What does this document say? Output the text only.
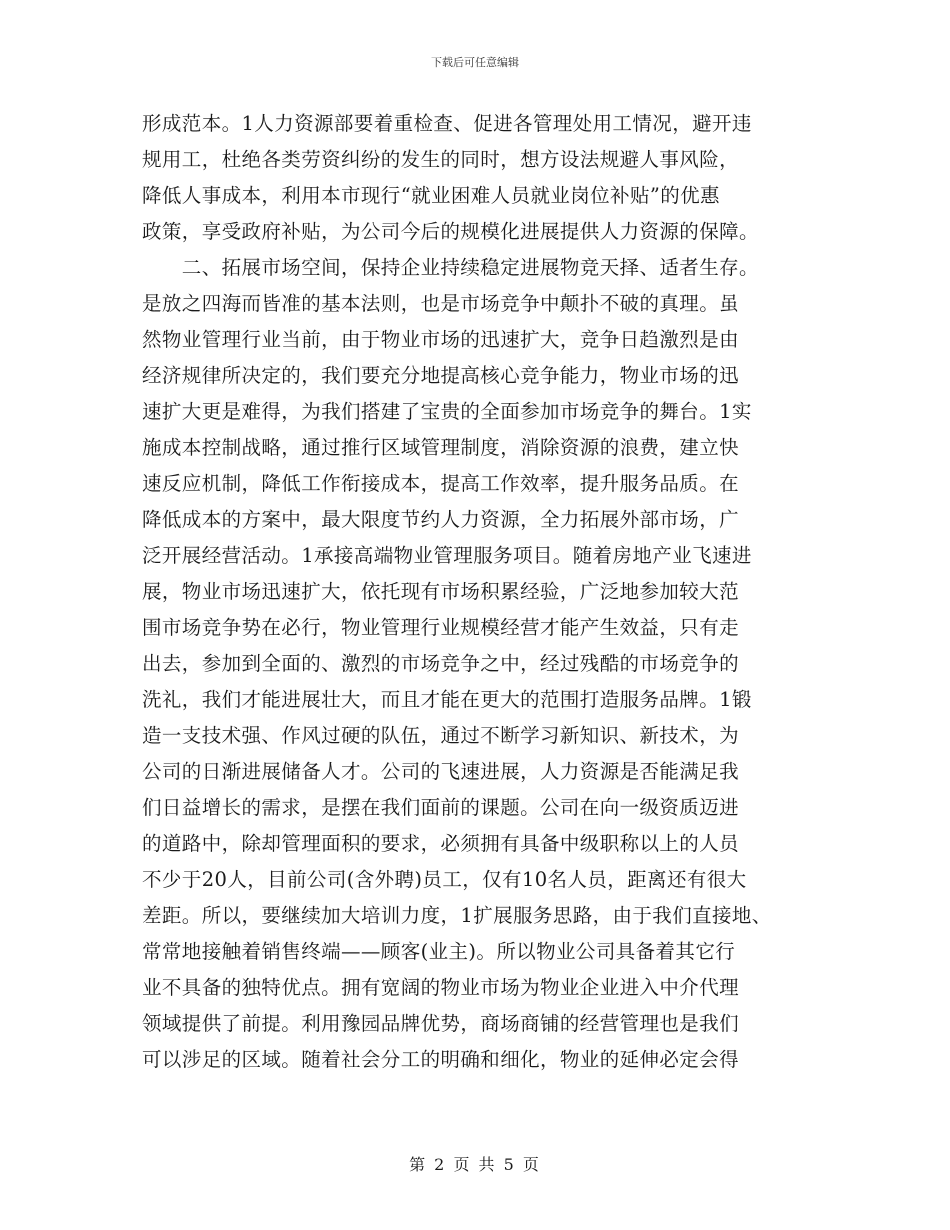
下载后可任意编辑
形成范本。1人力资源部要着重检查、促进各管理处用工情况，避开违
规用工，杜绝各类劳资纠纷的发生的同时，想方设法规避人事风险，
降低人事成本，利用本市现行“就业困难人员就业岗位补贴”的优惠
政策，享受政府补贴，为公司今后的规模化进展提供人力资源的保障。
　　二、拓展市场空间，保持企业持续稳定进展物竞天择、适者生存。
是放之四海而皆准的基本法则，也是市场竞争中颠扑不破的真理。虽
然物业管理行业当前，由于物业市场的迅速扩大，竞争日趋激烈是由
经济规律所决定的，我们要充分地提高核心竞争能力，物业市场的迅
速扩大更是难得，为我们搭建了宝贵的全面参加市场竞争的舞台。1实
施成本控制战略，通过推行区域管理制度，消除资源的浪费，建立快
速反应机制，降低工作衔接成本，提高工作效率，提升服务品质。在
降低成本的方案中，最大限度节约人力资源，全力拓展外部市场，广
泛开展经营活动。1承接高端物业管理服务项目。随着房地产业飞速进
展，物业市场迅速扩大，依托现有市场积累经验，广泛地参加较大范
围市场竞争势在必行，物业管理行业规模经营才能产生效益，只有走
出去，参加到全面的、激烈的市场竞争之中，经过残酷的市场竞争的
洗礼，我们才能进展壮大，而且才能在更大的范围打造服务品牌。1锻
造一支技术强、作风过硬的队伍，通过不断学习新知识、新技术，为
公司的日渐进展储备人才。公司的飞速进展，人力资源是否能满足我
们日益增长的需求，是摆在我们面前的课题。公司在向一级资质迈进
的道路中，除却管理面积的要求，必须拥有具备中级职称以上的人员
不少于20人，目前公司(含外聘)员工，仅有10名人员，距离还有很大
差距。所以，要继续加大培训力度，1扩展服务思路，由于我们直接地、
常常地接触着销售终端——顾客(业主)。所以物业公司具备着其它行
业不具备的独特优点。拥有宽阔的物业市场为物业企业进入中介代理
领域提供了前提。利用豫园品牌优势，商场商铺的经营管理也是我们
可以涉足的区域。随着社会分工的明确和细化，物业的延伸必定会得
第 2 页 共 5 页
